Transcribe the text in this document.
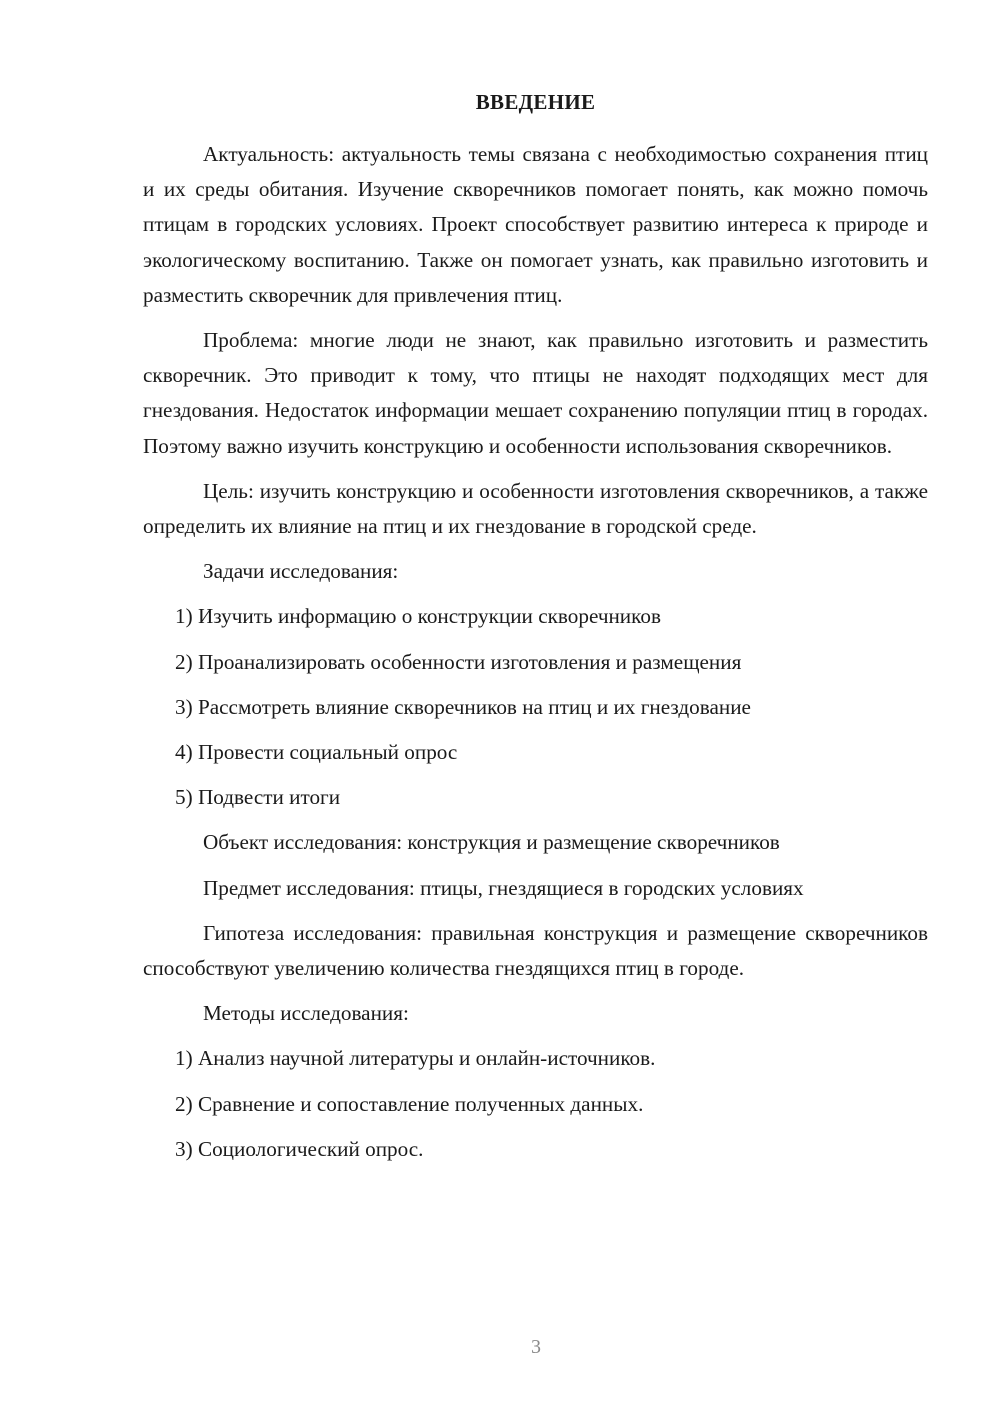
ВВЕДЕНИЕ

Актуальность: актуальность темы связана с необходимостью сохранения птиц и их среды обитания. Изучение скворечников помогает понять, как можно помочь птицам в городских условиях. Проект способствует развитию интереса к природе и экологическому воспитанию. Также он помогает узнать, как правильно изготовить и разместить скворечник для привлечения птиц.

Проблема: многие люди не знают, как правильно изготовить и разместить скворечник. Это приводит к тому, что птицы не находят подходящих мест для гнездования. Недостаток информации мешает сохранению популяции птиц в городах. Поэтому важно изучить конструкцию и особенности использования скворечников.

Цель: изучить конструкцию и особенности изготовления скворечников, а также определить их влияние на птиц и их гнездование в городской среде.

Задачи исследования:

1) Изучить информацию о конструкции скворечников

2) Проанализировать особенности изготовления и размещения

3) Рассмотреть влияние скворечников на птиц и их гнездование

4) Провести социальный опрос

5) Подвести итоги

Объект исследования: конструкция и размещение скворечников

Предмет исследования: птицы, гнездящиеся в городских условиях

Гипотеза исследования: правильная конструкция и размещение скворечников способствуют увеличению количества гнездящихся птиц в городе.

Методы исследования:

1) Анализ научной литературы и онлайн-источников.

2) Сравнение и сопоставление полученных данных.

3) Социологический опрос.

3
